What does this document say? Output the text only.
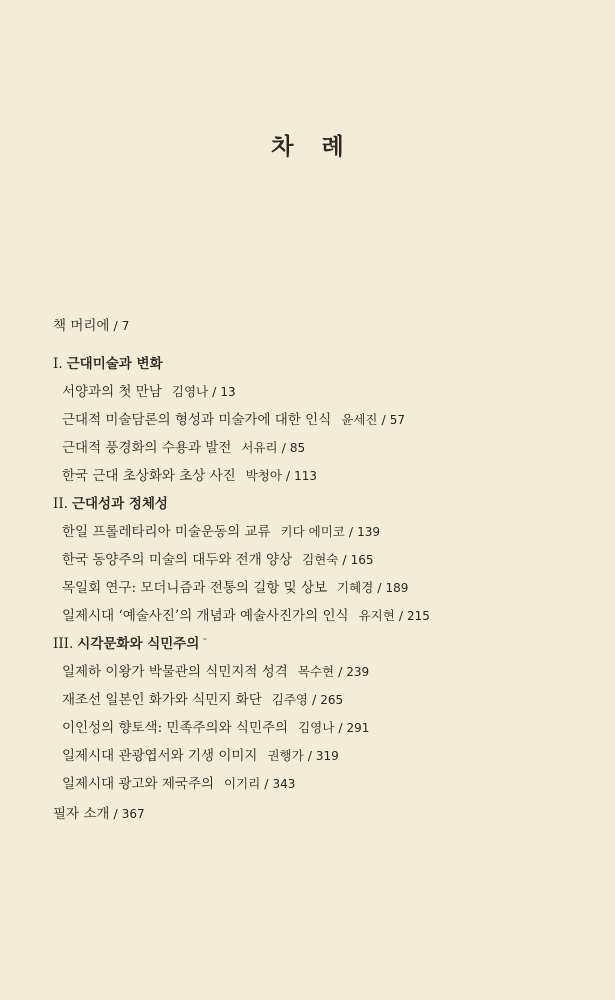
차 례
책 머리에 / 7
I. 근대미술과 변화
서양과의 첫 만남 김영나 / 13
근대적 미술담론의 형성과 미술가에 대한 인식 윤세진 / 57
근대적 풍경화의 수용과 발전 서유리 / 85
한국 근대 초상화와 초상 사진 박청아 / 113
II. 근대성과 정체성
한일 프롤레타리아 미술운동의 교류 키다 에미코 / 139
한국 동양주의 미술의 대두와 전개 양상 김현숙 / 165
목일회 연구: 모더니즘과 전통의 길항 및 상보 기혜경 / 189
일제시대 ‘예술사진’의 개념과 예술사진가의 인식 유지현 / 215
III. 시각문화와 식민주의 $^ˉ$
일제하 이왕가 박물관의 식민지적 성격 목수현 / 239
재조선 일본인 화가와 식민지 화단 김주영 / 265
이인성의 향토색: 민족주의와 식민주의 김영나 / 291
일제시대 관광엽서와 기생 이미지 권행가 / 319
일제시대 광고와 제국주의 이기리 / 343
필자 소개 / 367
